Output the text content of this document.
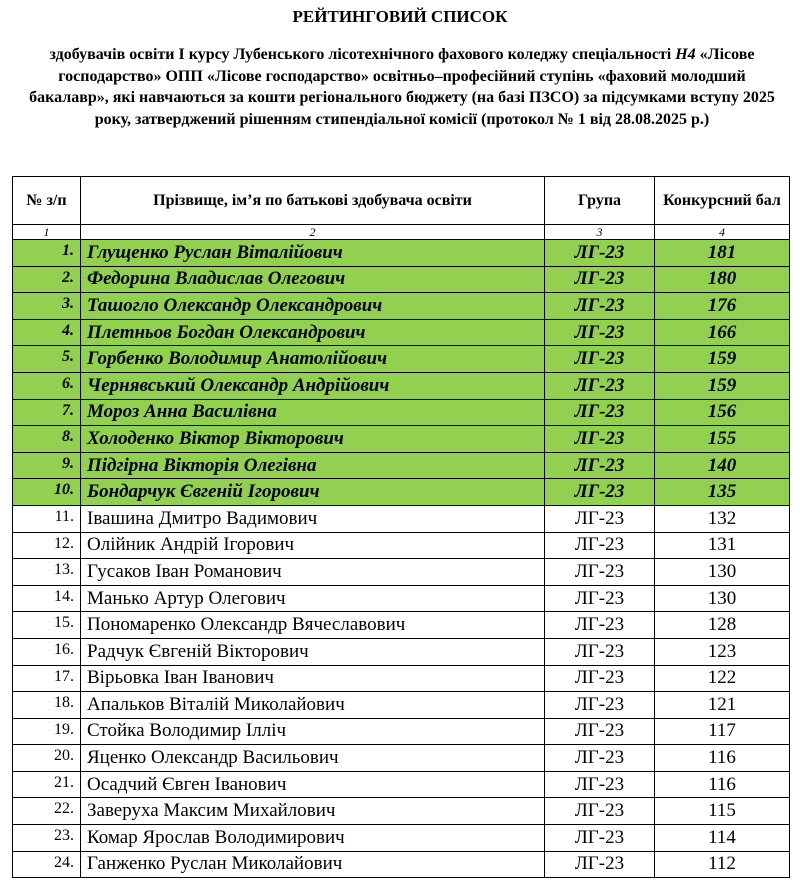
РЕЙТИНГОВИЙ СПИСОК
здобувачів освіти І курсу Лубенського лісотехнічного фахового коледжу спеціальності Н4 «Лісове господарство» ОПП «Лісове господарство» освітньо–професійний ступінь «фаховий молодший бакалавр», які навчаються за кошти регіонального бюджету (на базі ПЗСО) за підсумками вступу 2025 року, затверджений рішенням стипендіальної комісії (протокол № 1 від 28.08.2025 р.)
№ з/п	Прізвище, ім’я по батькові здобувача освіти	Група	Конкурсний бал
1	2	3	4
1.	Глущенко Руслан Віталійович	ЛГ-23	181
2.	Федорина Владислав Олегович	ЛГ-23	180
3.	Ташогло Олександр Олександрович	ЛГ-23	176
4.	Плетньов Богдан Олександрович	ЛГ-23	166
5.	Горбенко Володимир Анатолійович	ЛГ-23	159
6.	Чернявський Олександр Андрійович	ЛГ-23	159
7.	Мороз Анна Василівна	ЛГ-23	156
8.	Холоденко Віктор Вікторович	ЛГ-23	155
9.	Підгірна Вікторія Олегівна	ЛГ-23	140
10.	Бондарчук Євгеній Ігорович	ЛГ-23	135
11.	Івашина Дмитро Вадимович	ЛГ-23	132
12.	Олійник Андрій Ігорович	ЛГ-23	131
13.	Гусаков Іван Романович	ЛГ-23	130
14.	Манько Артур Олегович	ЛГ-23	130
15.	Пономаренко Олександр Вячеславович	ЛГ-23	128
16.	Радчук Євгеній Вікторович	ЛГ-23	123
17.	Вірьовка Іван Іванович	ЛГ-23	122
18.	Апальков Віталій Миколайович	ЛГ-23	121
19.	Стойка Володимир Ілліч	ЛГ-23	117
20.	Яценко Олександр Васильович	ЛГ-23	116
21.	Осадчий Євген Іванович	ЛГ-23	116
22.	Заверуха Максим Михайлович	ЛГ-23	115
23.	Комар Ярослав Володимирович	ЛГ-23	114
24.	Ганженко Руслан Миколайович	ЛГ-23	112
